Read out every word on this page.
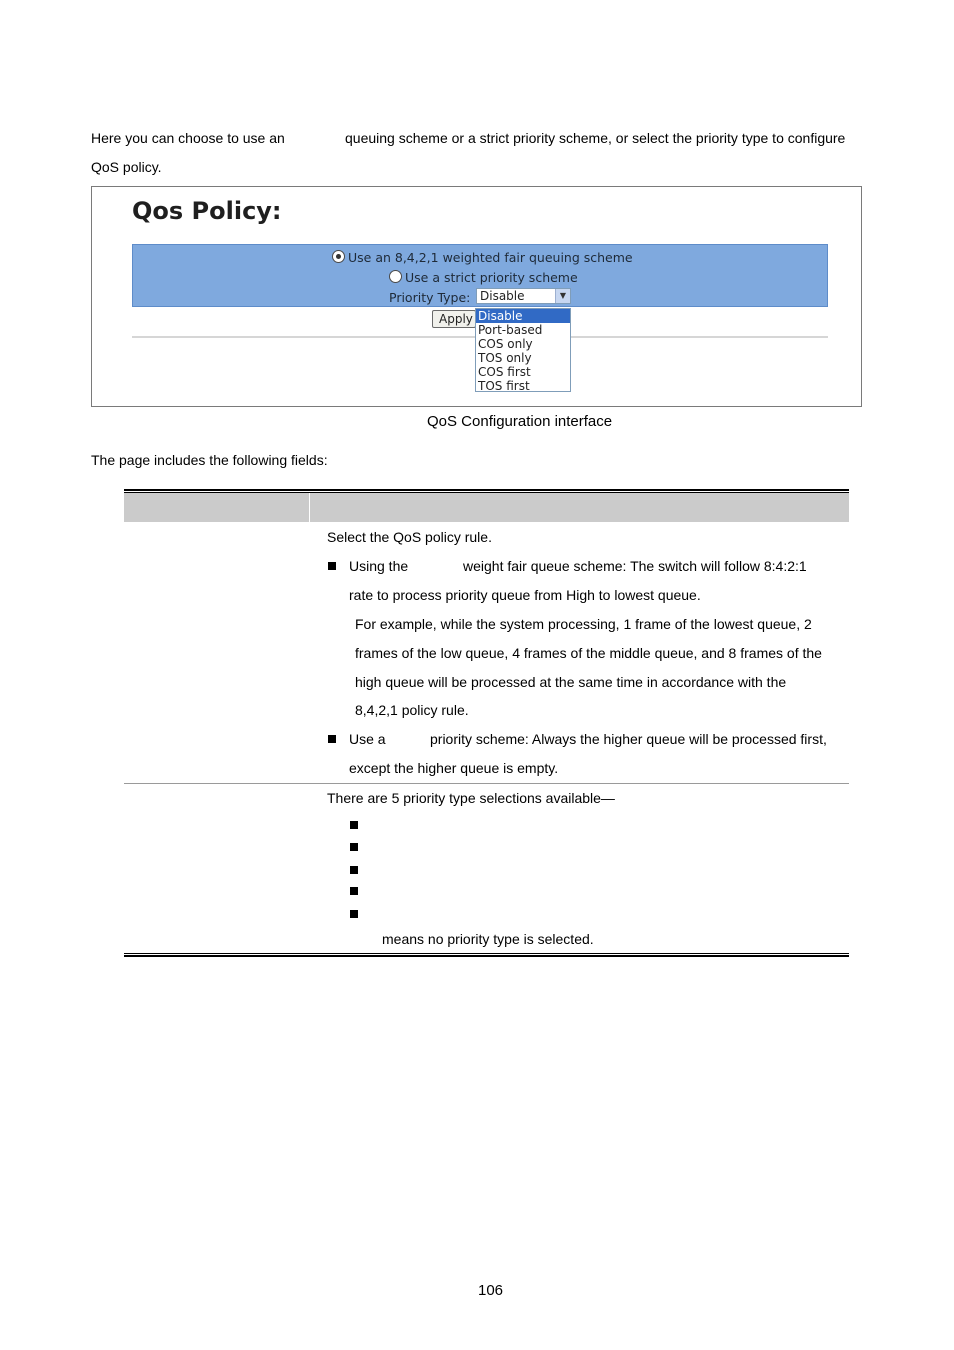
Here you can choose to use an	queuing scheme or a strict priority scheme, or select the priority type to configure
QoS policy.
Qos Policy:
Use an 8,4,2,1 weighted fair queuing scheme
Use a strict priority scheme
Priority Type: Disable	▼
Apply Disable
Port-based
COS only
TOS only
COS first
TOS first
QoS Configuration interface
The page includes the following fields:
Select the QoS policy rule.
Using the	weight fair queue scheme: The switch will follow 8:4:2:1
rate to process priority queue from High to lowest queue.
For example, while the system processing, 1 frame of the lowest queue, 2
frames of the low queue, 4 frames of the middle queue, and 8 frames of the
high queue will be processed at the same time in accordance with the
8,4,2,1 policy rule.
Use a	priority scheme: Always the higher queue will be processed first,
except the higher queue is empty.
There are 5 priority type selections available—
means no priority type is selected.
106
